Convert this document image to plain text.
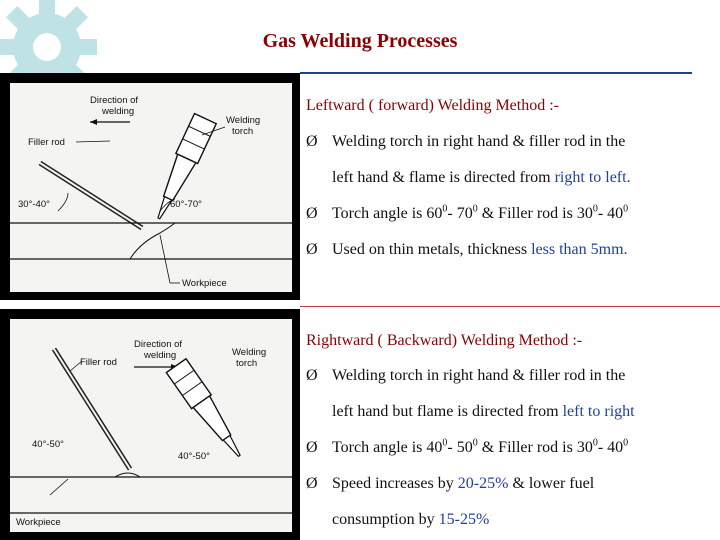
Gas Welding Processes
Direction of
welding
Filler rod
Welding
torch
30°-40°	60°-70°
Workpiece
Direction of
welding
Filler rod
Welding
torch
40°-50°
40°-50°
Workpiece
Leftward ( forward) Welding Method :-
Ø Welding torch in right hand & filler rod in the
left hand & flame is directed from right to left.
Ø Torch angle is $60^0-$ $70^0$ & Filler rod is $30^0-$ $40^0$
Ø Used on thin metals, thickness less than 5mm.
Rightward ( Backward) Welding Method :-
Ø Welding torch in right hand & filler rod in the
left hand but flame is directed from left to right
Ø Torch angle is $40^0-$ $50^0$ & Filler rod is $30^0-$ $40^0$
Ø Speed increases by 20-25% & lower fuel
consumption by 15-25%
